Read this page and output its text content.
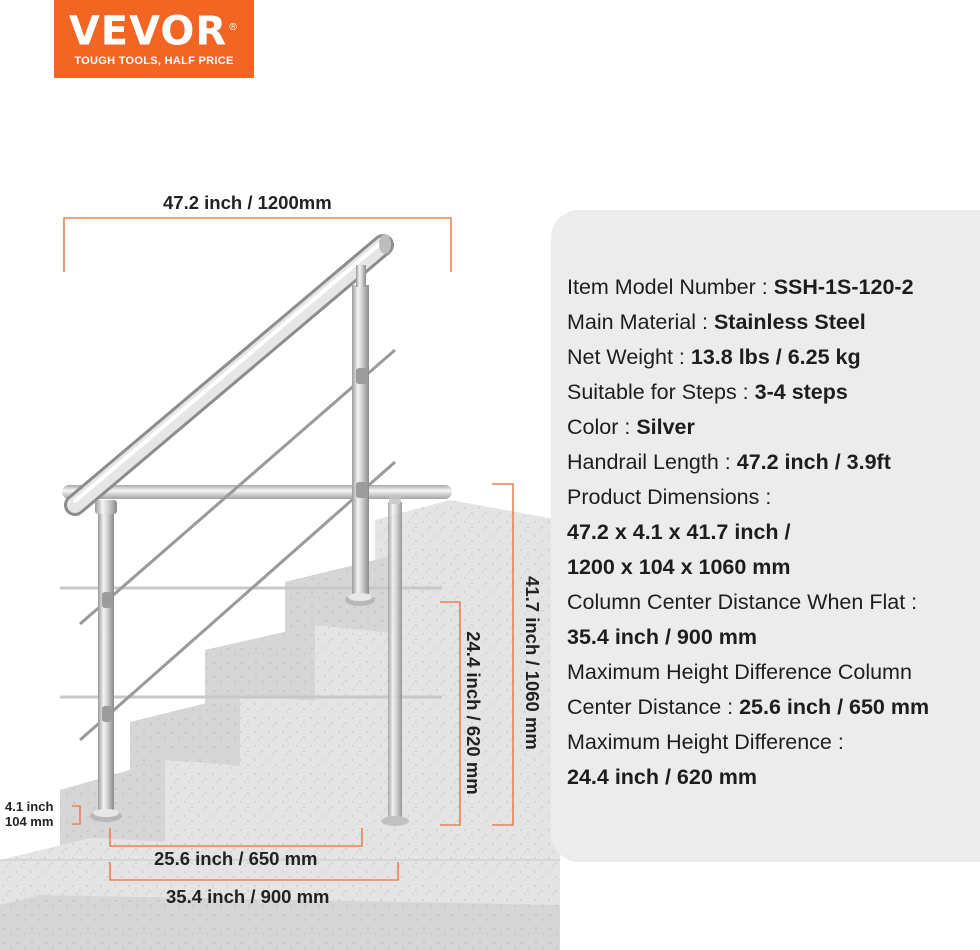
VEVOR®
TOUGH TOOLS, HALF PRICE
47.2 inch / 1200mm
41.7 inch / 1060 mm
24.4 inch / 620 mm
25.6 inch / 650 mm
35.4 inch / 900 mm
4.1 inch
104 mm
Item Model Number : SSH-1S-120-2
Main Material : Stainless Steel
Net Weight : 13.8 lbs / 6.25 kg
Suitable for Steps : 3-4 steps
Color : Silver
Handrail Length : 47.2 inch / 3.9ft
Product Dimensions :
47.2 x 4.1 x 41.7 inch /
1200 x 104 x 1060 mm
Column Center Distance When Flat :
35.4 inch / 900 mm
Maximum Height Difference Column
Center Distance : 25.6 inch / 650 mm
Maximum Height Difference :
24.4 inch / 620 mm
